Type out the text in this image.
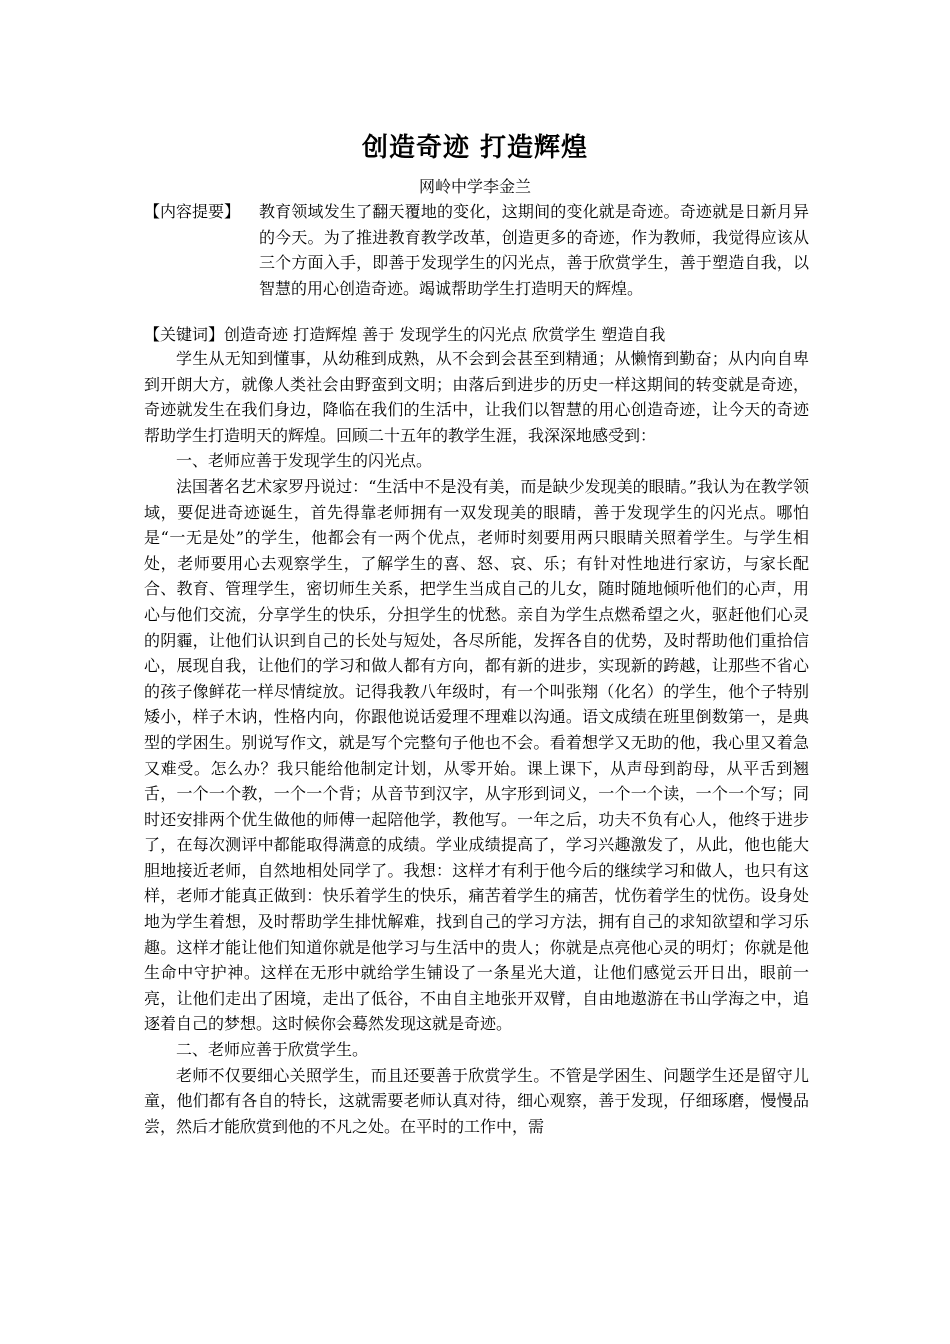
创造奇迹 打造辉煌
网岭中学李金兰
【内容提要】	教育领域发生了翻天覆地的变化，这期间的变化就是奇迹。奇迹就是日新月异的今天。为了推进教育教学改革，创造更多的奇迹，作为教师，我觉得应该从三个方面入手，即善于发现学生的闪光点，善于欣赏学生，善于塑造自我，以智慧的用心创造奇迹。竭诚帮助学生打造明天的辉煌。
【关键词】创造奇迹 打造辉煌 善于 发现学生的闪光点 欣赏学生 塑造自我

学生从无知到懂事，从幼稚到成熟，从不会到会甚至到精通；从懒惰到勤奋；从内向自卑到开朗大方，就像人类社会由野蛮到文明；由落后到进步的历史一样这期间的转变就是奇迹，奇迹就发生在我们身边，降临在我们的生活中，让我们以智慧的用心创造奇迹，让今天的奇迹帮助学生打造明天的辉煌。回顾二十五年的教学生涯，我深深地感受到：

一、老师应善于发现学生的闪光点。

法国著名艺术家罗丹说过：“生活中不是没有美，而是缺少发现美的眼睛。”我认为在教学领域，要促进奇迹诞生，首先得靠老师拥有一双发现美的眼睛，善于发现学生的闪光点。哪怕是“一无是处”的学生，他都会有一两个优点，老师时刻要用两只眼睛关照着学生。与学生相处，老师要用心去观察学生，了解学生的喜、怒、哀、乐；有针对性地进行家访，与家长配合、教育、管理学生，密切师生关系，把学生当成自己的儿女，随时随地倾听他们的心声，用心与他们交流，分享学生的快乐，分担学生的忧愁。亲自为学生点燃希望之火，驱赶他们心灵的阴霾，让他们认识到自己的长处与短处，各尽所能，发挥各自的优势，及时帮助他们重拾信心，展现自我，让他们的学习和做人都有方向，都有新的进步，实现新的跨越，让那些不省心的孩子像鲜花一样尽情绽放。记得我教八年级时，有一个叫张翔（化名）的学生，他个子特别矮小，样子木讷，性格内向，你跟他说话爱理不理难以沟通。语文成绩在班里倒数第一，是典型的学困生。别说写作文，就是写个完整句子他也不会。看着想学又无助的他，我心里又着急又难受。怎么办？我只能给他制定计划，从零开始。课上课下，从声母到韵母，从平舌到翘舌，一个一个教，一个一个背；从音节到汉字，从字形到词义，一个一个读，一个一个写；同时还安排两个优生做他的师傅一起陪他学，教他写。一年之后，功夫不负有心人，他终于进步了，在每次测评中都能取得满意的成绩。学业成绩提高了，学习兴趣激发了，从此，他也能大胆地接近老师，自然地相处同学了。我想：这样才有利于他今后的继续学习和做人，也只有这样，老师才能真正做到：快乐着学生的快乐，痛苦着学生的痛苦，忧伤着学生的忧伤。设身处地为学生着想，及时帮助学生排忧解难，找到自己的学习方法，拥有自己的求知欲望和学习乐趣。这样才能让他们知道你就是他学习与生活中的贵人；你就是点亮他心灵的明灯；你就是他生命中守护神。这样在无形中就给学生铺设了一条星光大道，让他们感觉云开日出，眼前一亮，让他们走出了困境，走出了低谷，不由自主地张开双臂，自由地遨游在书山学海之中，追逐着自己的梦想。这时候你会蓦然发现这就是奇迹。

二、老师应善于欣赏学生。

老师不仅要细心关照学生，而且还要善于欣赏学生。不管是学困生、问题学生还是留守儿童，他们都有各自的特长，这就需要老师认真对待，细心观察，善于发现，仔细琢磨，慢慢品尝，然后才能欣赏到他的不凡之处。在平时的工作中，需
